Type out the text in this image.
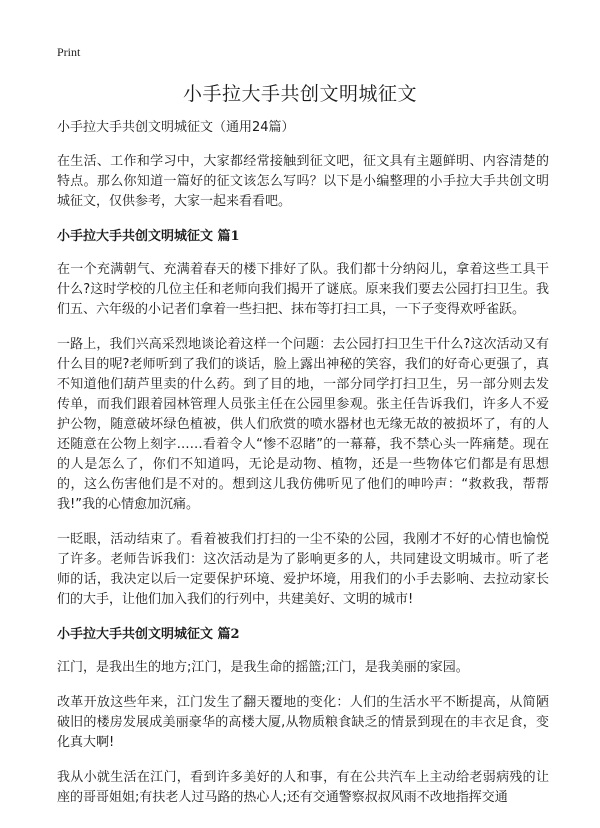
Print
小手拉大手共创文明城征文

小手拉大手共创文明城征文（通用24篇）

在生活、工作和学习中，大家都经常接触到征文吧，征文具有主题鲜明、内容清楚的特点。那么你知道一篇好的征文该怎么写吗？以下是小编整理的小手拉大手共创文明城征文，仅供参考，大家一起来看看吧。

小手拉大手共创文明城征文 篇1

在一个充满朝气、充满着春天的楼下排好了队。我们都十分纳闷儿，拿着这些工具干什么?这时学校的几位主任和老师向我们揭开了谜底。原来我们要去公园打扫卫生。我们五、六年级的小记者们拿着一些扫把、抹布等打扫工具，一下子变得欢呼雀跃。

一路上，我们兴高采烈地谈论着这样一个问题：去公园打扫卫生干什么?这次活动又有什么目的呢?老师听到了我们的谈话，脸上露出神秘的笑容，我们的好奇心更强了，真不知道他们葫芦里卖的什么药。到了目的地，一部分同学打扫卫生，另一部分则去发传单，而我们跟着园林管理人员张主任在公园里参观。张主任告诉我们，许多人不爱护公物，随意破坏绿色植被，供人们欣赏的喷水器材也无缘无故的被损坏了，有的人还随意在公物上刻字……看着令人“惨不忍睹”的一幕幕，我不禁心头一阵痛楚。现在的人是怎么了，你们不知道吗，无论是动物、植物，还是一些物体它们都是有思想的，这么伤害他们是不对的。想到这儿我仿佛听见了他们的呻吟声：“救救我，帮帮我!”我的心情愈加沉痛。

一眨眼，活动结束了。看着被我们打扫的一尘不染的公园，我刚才不好的心情也愉悦了许多。老师告诉我们：这次活动是为了影响更多的人，共同建设文明城市。听了老师的话，我决定以后一定要保护环境、爱护坏境，用我们的小手去影响、去拉动家长们的大手，让他们加入我们的行列中，共建美好、文明的城市!

小手拉大手共创文明城征文 篇2

江门，是我出生的地方;江门，是我生命的摇篮;江门，是我美丽的家园。

改革开放这些年来，江门发生了翻天覆地的变化：人们的生活水平不断提高，从简陋破旧的楼房发展成美丽豪华的高楼大厦,从物质粮食缺乏的情景到现在的丰衣足食，变化真大啊!

我从小就生活在江门，看到许多美好的人和事，有在公共汽车上主动给老弱病残的让座的哥哥姐姐;有扶老人过马路的热心人;还有交通警察叔叔风雨不改地指挥交通
